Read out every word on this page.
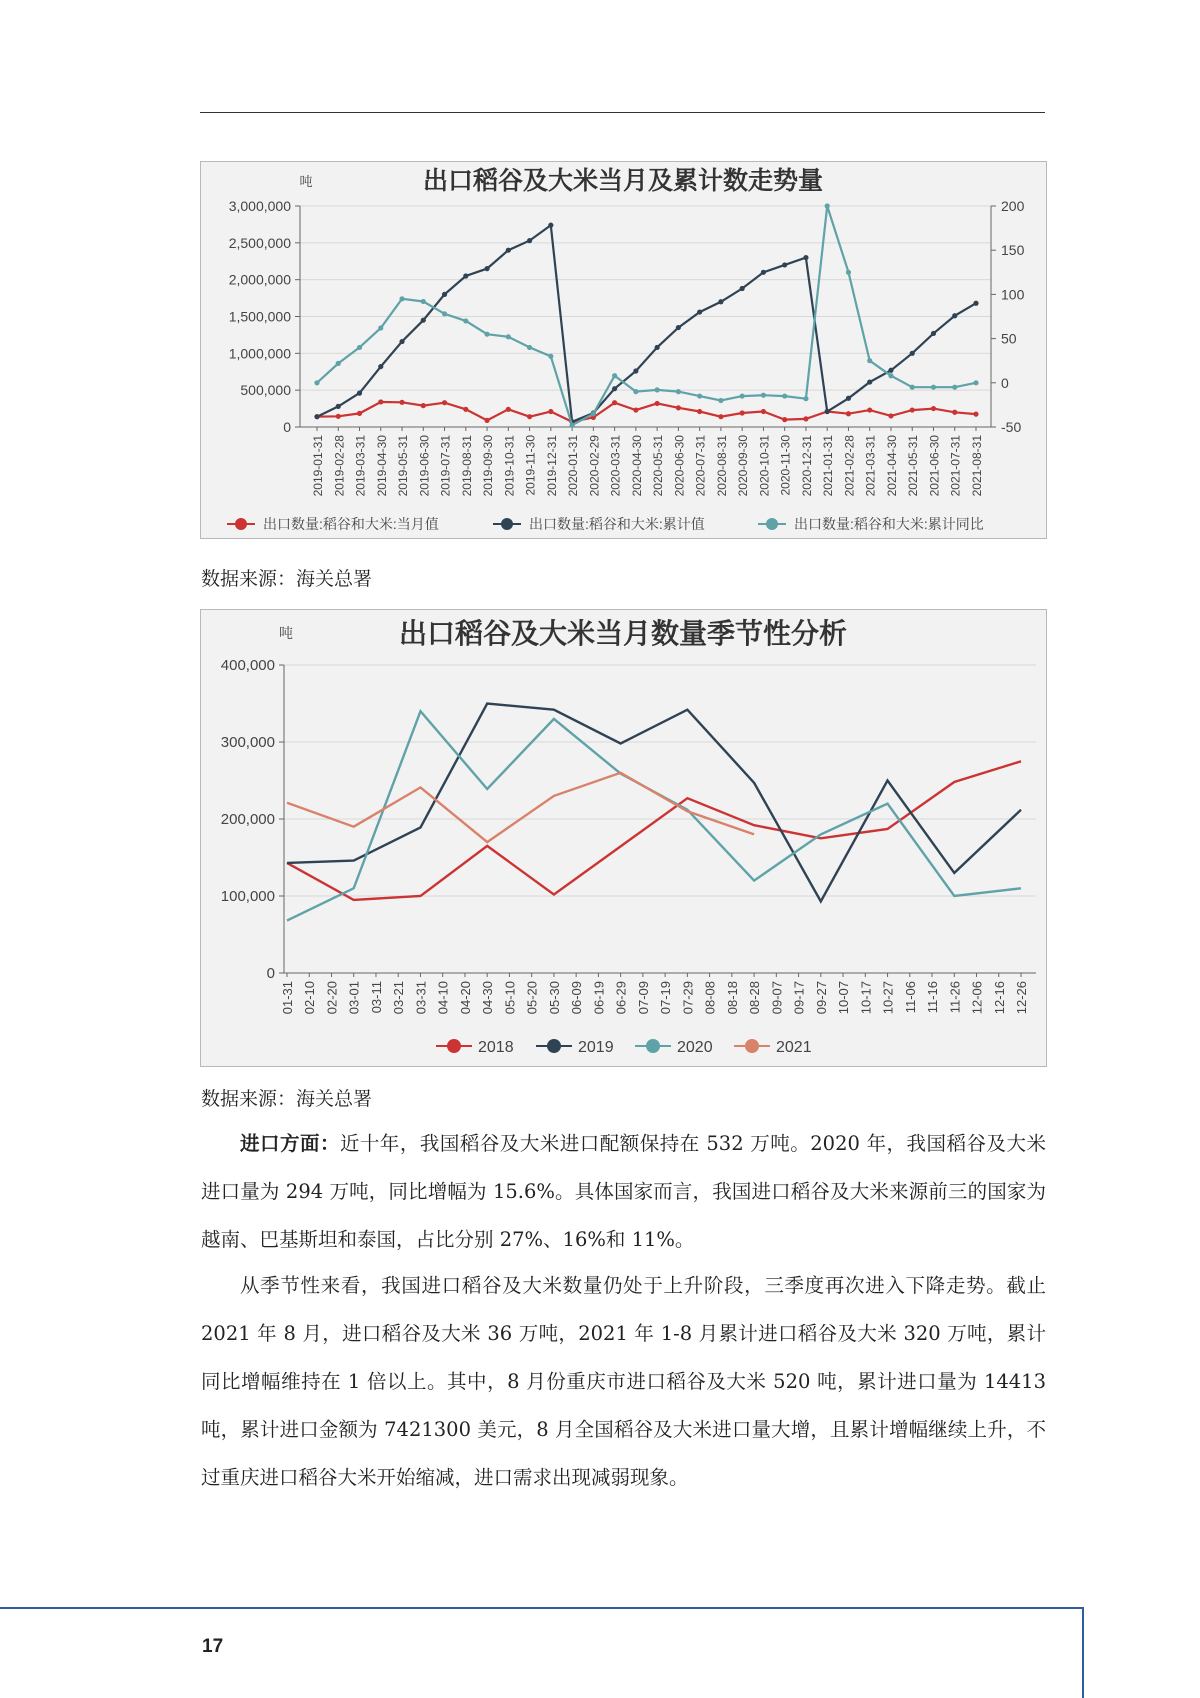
出口稻谷及大米当月及累计数走势量
吨
3,000,000
2,500,000
2,000,000
1,500,000
1,000,000
500,000
0
200
150
100
50
0
-50
2019-01-31 2019-02-28 2019-03-31 2019-04-30 2019-05-31 2019-06-30 2019-07-31 2019-08-31 2019-09-30 2019-10-31 2019-11-30 2019-12-31 2020-01-31 2020-02-29 2020-03-31 2020-04-30 2020-05-31 2020-06-30 2020-07-31 2020-08-31 2020-09-30 2020-10-31 2020-11-30 2020-12-31 2021-01-31 2021-02-28 2021-03-31 2021-04-30 2021-05-31 2021-06-30 2021-07-31 2021-08-31
出口数量:稻谷和大米:当月值	出口数量:稻谷和大米:累计值	出口数量:稻谷和大米:累计同比
数据来源：海关总署
出口稻谷及大米当月数量季节性分析
吨
400,000
300,000
200,000
100,000
0
01-31 02-10 02-20 03-01 03-11 03-21 03-31 04-10 04-20 04-30 05-10 05-20 05-30 06-09 06-19 06-29 07-09 07-19 07-29 08-08 08-18 08-28 09-07 09-17 09-27 10-07 10-17 10-27 11-06 11-16 11-26 12-06 12-16 12-26
2018	2019	2020	2021
数据来源：海关总署

进口方面：近十年，我国稻谷及大米进口配额保持在 532 万吨。2020 年，我国稻谷及大米进口量为 294 万吨，同比增幅为 15.6%。具体国家而言，我国进口稻谷及大米来源前三的国家为越南、巴基斯坦和泰国，占比分别 27%、16%和 11%。

从季节性来看，我国进口稻谷及大米数量仍处于上升阶段，三季度再次进入下降走势。截止 2021 年 8 月，进口稻谷及大米 36 万吨，2021 年 1-8 月累计进口稻谷及大米 320 万吨，累计同比增幅维持在 1 倍以上。其中，8 月份重庆市进口稻谷及大米 520 吨，累计进口量为 14413 吨，累计进口金额为 7421300 美元，8 月全国稻谷及大米进口量大增，且累计增幅继续上升，不过重庆进口稻谷大米开始缩减，进口需求出现减弱现象。

17
